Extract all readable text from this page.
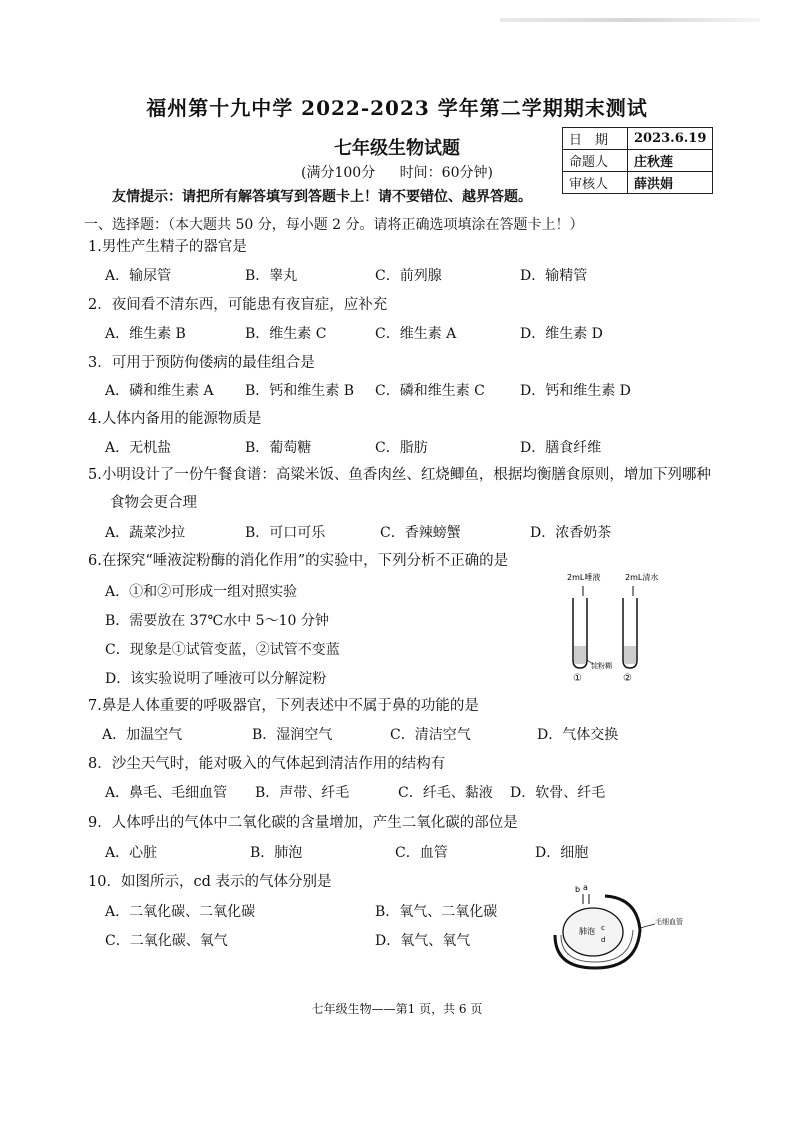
福州第十九中学 2022-2023 学年第二学期期末测试
七年级生物试题
(满分100分 时间：60分钟)
日　期	2023.6.19
命题人	庄秋莲
审核人	薛洪娟
友情提示：请把所有解答填写到答题卡上！请不要错位、越界答题。
一、选择题：（本大题共 50 分，每小题 2 分。请将正确选项填涂在答题卡上！）
1.男性产生精子的器官是
A．输尿管	B．睾丸	C．前列腺	D．输精管
2．夜间看不清东西，可能患有夜盲症，应补充
A．维生素 B	B．维生素 C	C．维生素 A	D．维生素 D
3．可用于预防佝偻病的最佳组合是
A．磷和维生素 A B．钙和维生素 B C．磷和维生素 C	D．钙和维生素 D
4.人体内备用的能源物质是
A．无机盐	B．葡萄糖	C．脂肪	D．膳食纤维
5.小明设计了一份午餐食谱：高粱米饭、鱼香肉丝、红烧鲫鱼，根据均衡膳食原则，增加下列哪种
食物会更合理
A．蔬菜沙拉	B．可口可乐	C．香辣螃蟹	D．浓香奶茶
6.在探究“唾液淀粉酶的消化作用”的实验中，下列分析不正确的是
A．①和②可形成一组对照实验
B．需要放在 37℃水中 5～10 分钟
C．现象是①试管变蓝，②试管不变蓝
D．该实验说明了唾液可以分解淀粉
2mL唾液	2mL清水
淀粉糊
①	②
7.鼻是人体重要的呼吸器官，下列表述中不属于鼻的功能的是
A．加温空气	B．湿润空气	C．清洁空气	D．气体交换
8．沙尘天气时，能对吸入的气体起到清洁作用的结构有
A．鼻毛、毛细血管 B．声带、纤毛	C．纤毛、黏液 D．软骨、纤毛
9．人体呼出的气体中二氧化碳的含量增加，产生二氧化碳的部位是
A．心脏	B．肺泡	C．血管	D．细胞
10．如图所示，cd 表示的气体分别是
A．二氧化碳、二氧化碳	B．氧气、二氧化碳
C．二氧化碳、氧气	D．氧气、氧气
b a
肺泡 c
d
毛细血管
七年级生物——第1 页，共 6 页
